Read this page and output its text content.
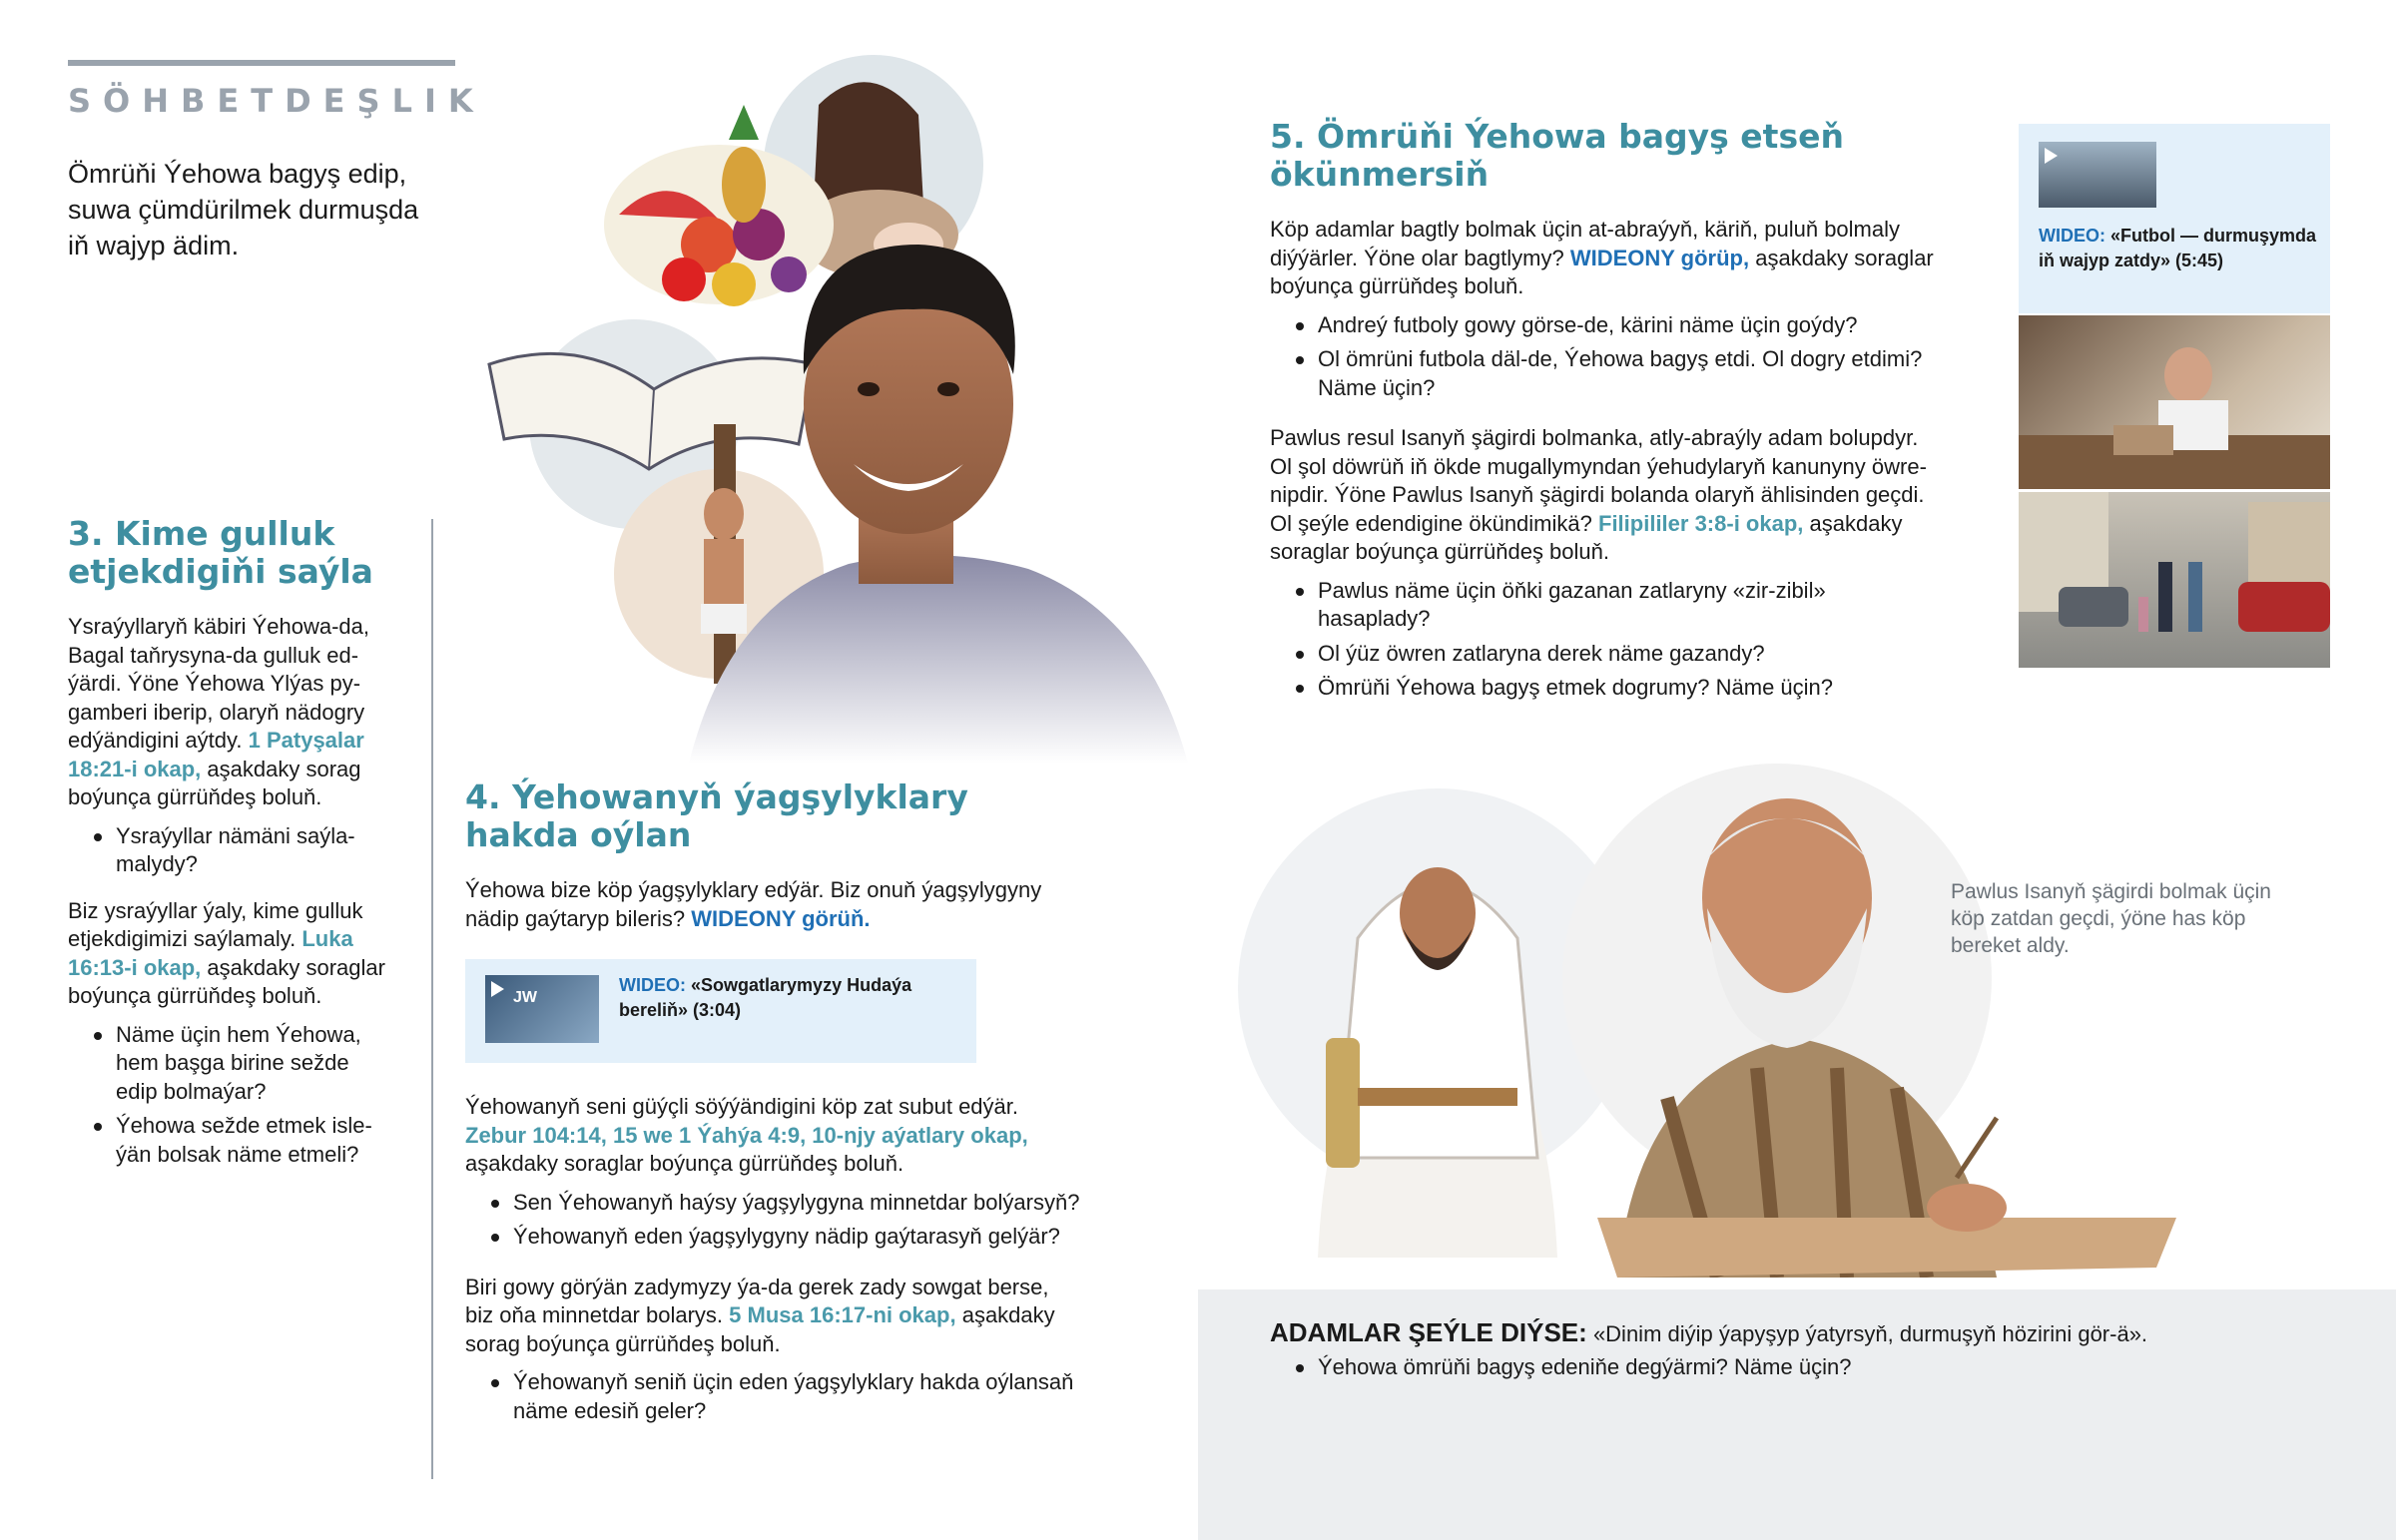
SÖHBETDEŞLIK
Ömrüňi Ýehowa bagyş edip,
suwa çümdürilmek durmuşda
iň wajyp ädim.
3. Kime gulluk
etjekdigiňi saýla
Ysraýyllaryň käbiri Ýehowa-da,
Bagal taňrysyna-da gulluk ed-
ýärdi. Ýöne Ýehowa Ylýas py-
gamberi iberip, olaryň nädogry
edýändigini aýtdy. 1 Patyşalar
18:21-i okap, aşakdaky sorag
boýunça gürrüňdeş boluň.
Ysraýyllar nämäni saýla-
malydy?
Biz ysraýyllar ýaly, kime gulluk
etjekdigimizi saýlamaly. Luka
16:13-i okap, aşakdaky soraglar
boýunça gürrüňdeş boluň.
Näme üçin hem Ýehowa,
hem başga birine sežde
edip bolmaýar?
Ýehowa sežde etmek isle-
ýän bolsak näme etmeli?
4. Ýehowanyň ýagşylyklary
hakda oýlan
Ýehowa bize köp ýagşylyklary edýär. Biz onuň ýagşylygyny
nädip gaýtaryp bileris? WIDEONY görüň.
JW
WIDEO: «Sowgatlarymyzy Hudaýa
bereliň» (3:04)
Ýehowanyň seni güýçli söýýändigini köp zat subut edýär.
Zebur 104:14, 15 we 1 Ýahýa 4:9, 10-njy aýatlary okap,
aşakdaky soraglar boýunça gürrüňdeş boluň.
Sen Ýehowanyň haýsy ýagşylygyna minnetdar bolýarsyň?
Ýehowanyň eden ýagşylygyny nädip gaýtarasyň gelýär?
Biri gowy görýän zadymyzy ýa-da gerek zady sowgat berse,
biz oňa minnetdar bolarys. 5 Musa 16:17-ni okap, aşakdaky
sorag boýunça gürrüňdeş boluň.
Ýehowanyň seniň üçin eden ýagşylyklary hakda oýlansaň
näme edesiň geler?
5. Ömrüňi Ýehowa bagyş etseň ökünmersiň
Köp adamlar bagtly bolmak üçin at-abraýyň, käriň, puluň bolmaly
diýýärler. Ýöne olar bagtlymy? WIDEONY görüp, aşakdaky soraglar
boýunça gürrüňdeş boluň.
Andreý futboly gowy görse-de, kärini näme üçin goýdy?
Ol ömrüni futbola däl-de, Ýehowa bagyş etdi. Ol dogry etdimi?
Näme üçin?
Pawlus resul Isanyň şägirdi bolmanka, atly-abraýly adam bolupdyr.
Ol şol döwrüň iň ökde mugallymyndan ýehudylaryň kanunyny öwre-
nipdir. Ýöne Pawlus Isanyň şägirdi bolanda olaryň ählisinden geçdi.
Ol şeýle edendigine ökündimikä? Filipililer 3:8-i okap, aşakdaky
soraglar boýunça gürrüňdeş boluň.
Pawlus näme üçin öňki gazanan zatlaryny «zir-zibil»
hasaplady?
Ol ýüz öwren zatlaryna derek näme gazandy?
Ömrüňi Ýehowa bagyş etmek dogrumy? Näme üçin?
WIDEO: «Futbol — durmuşymda
iň wajyp zatdy» (5:45)
Pawlus Isanyň şägirdi bolmak üçin
köp zatdan geçdi, ýöne has köp
bereket aldy.
ADAMLAR ŞEÝLE DIÝSE: «Dinim diýip ýapyşyp ýatyrsyň, durmuşyň hözirini gör-ä».
Ýehowa ömrüňi bagyş edeniňe degýärmi? Näme üçin?
